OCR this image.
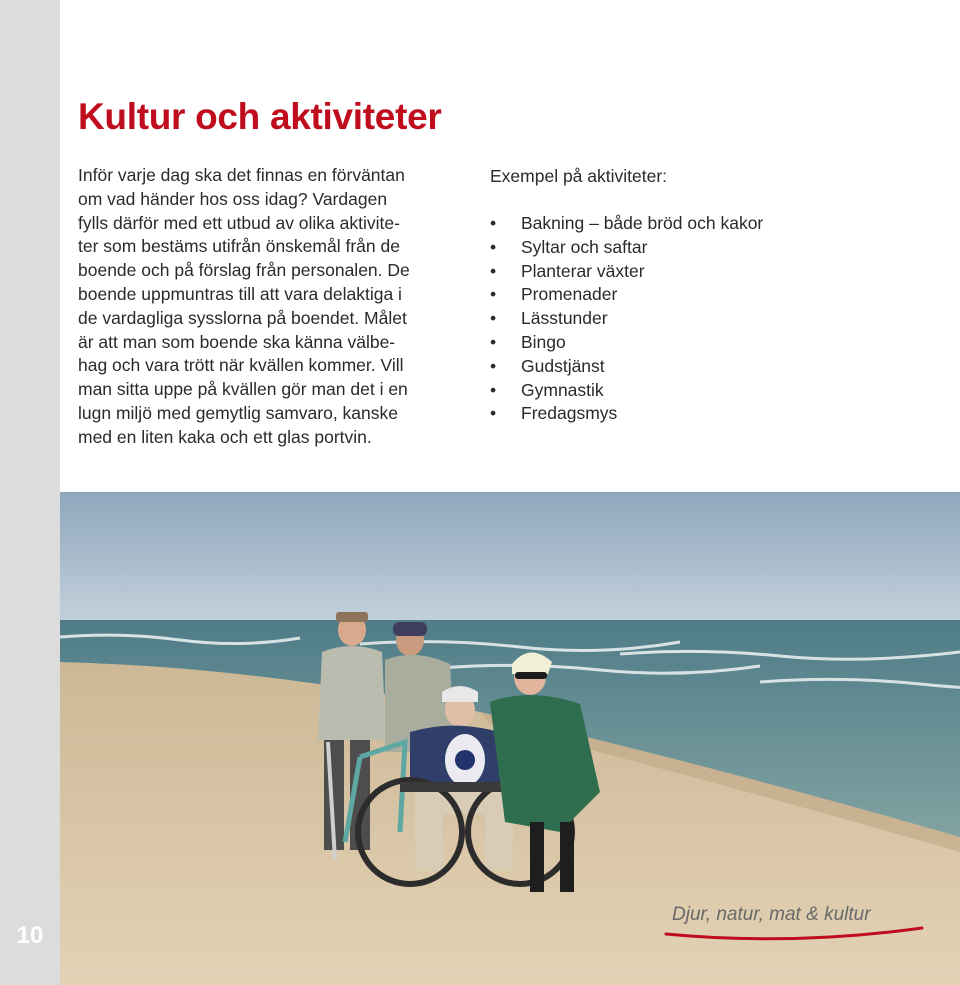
10
Kultur och aktiviteter

Inför varje dag ska det finnas en förväntan
om vad händer hos oss idag? Vardagen
fylls därför med ett utbud av olika aktivite-
ter som bestäms utifrån önskemål från de
boende och på förslag från personalen. De
boende uppmuntras till att vara delaktiga i
de vardagliga sysslorna på boendet. Målet
är att man som boende ska känna välbe-
hag och vara trött när kvällen kommer. Vill
man sitta uppe på kvällen gör man det i en
lugn miljö med gemytlig samvaro, kanske
med en liten kaka och ett glas portvin.

Exempel på aktiviteter:
• Bakning – både bröd och kakor
• Syltar och saftar
• Planterar växter
• Promenader
• Lässtunder
• Bingo
• Gudstjänst
• Gymnastik
• Fredagsmys
Djur, natur, mat & kultur
